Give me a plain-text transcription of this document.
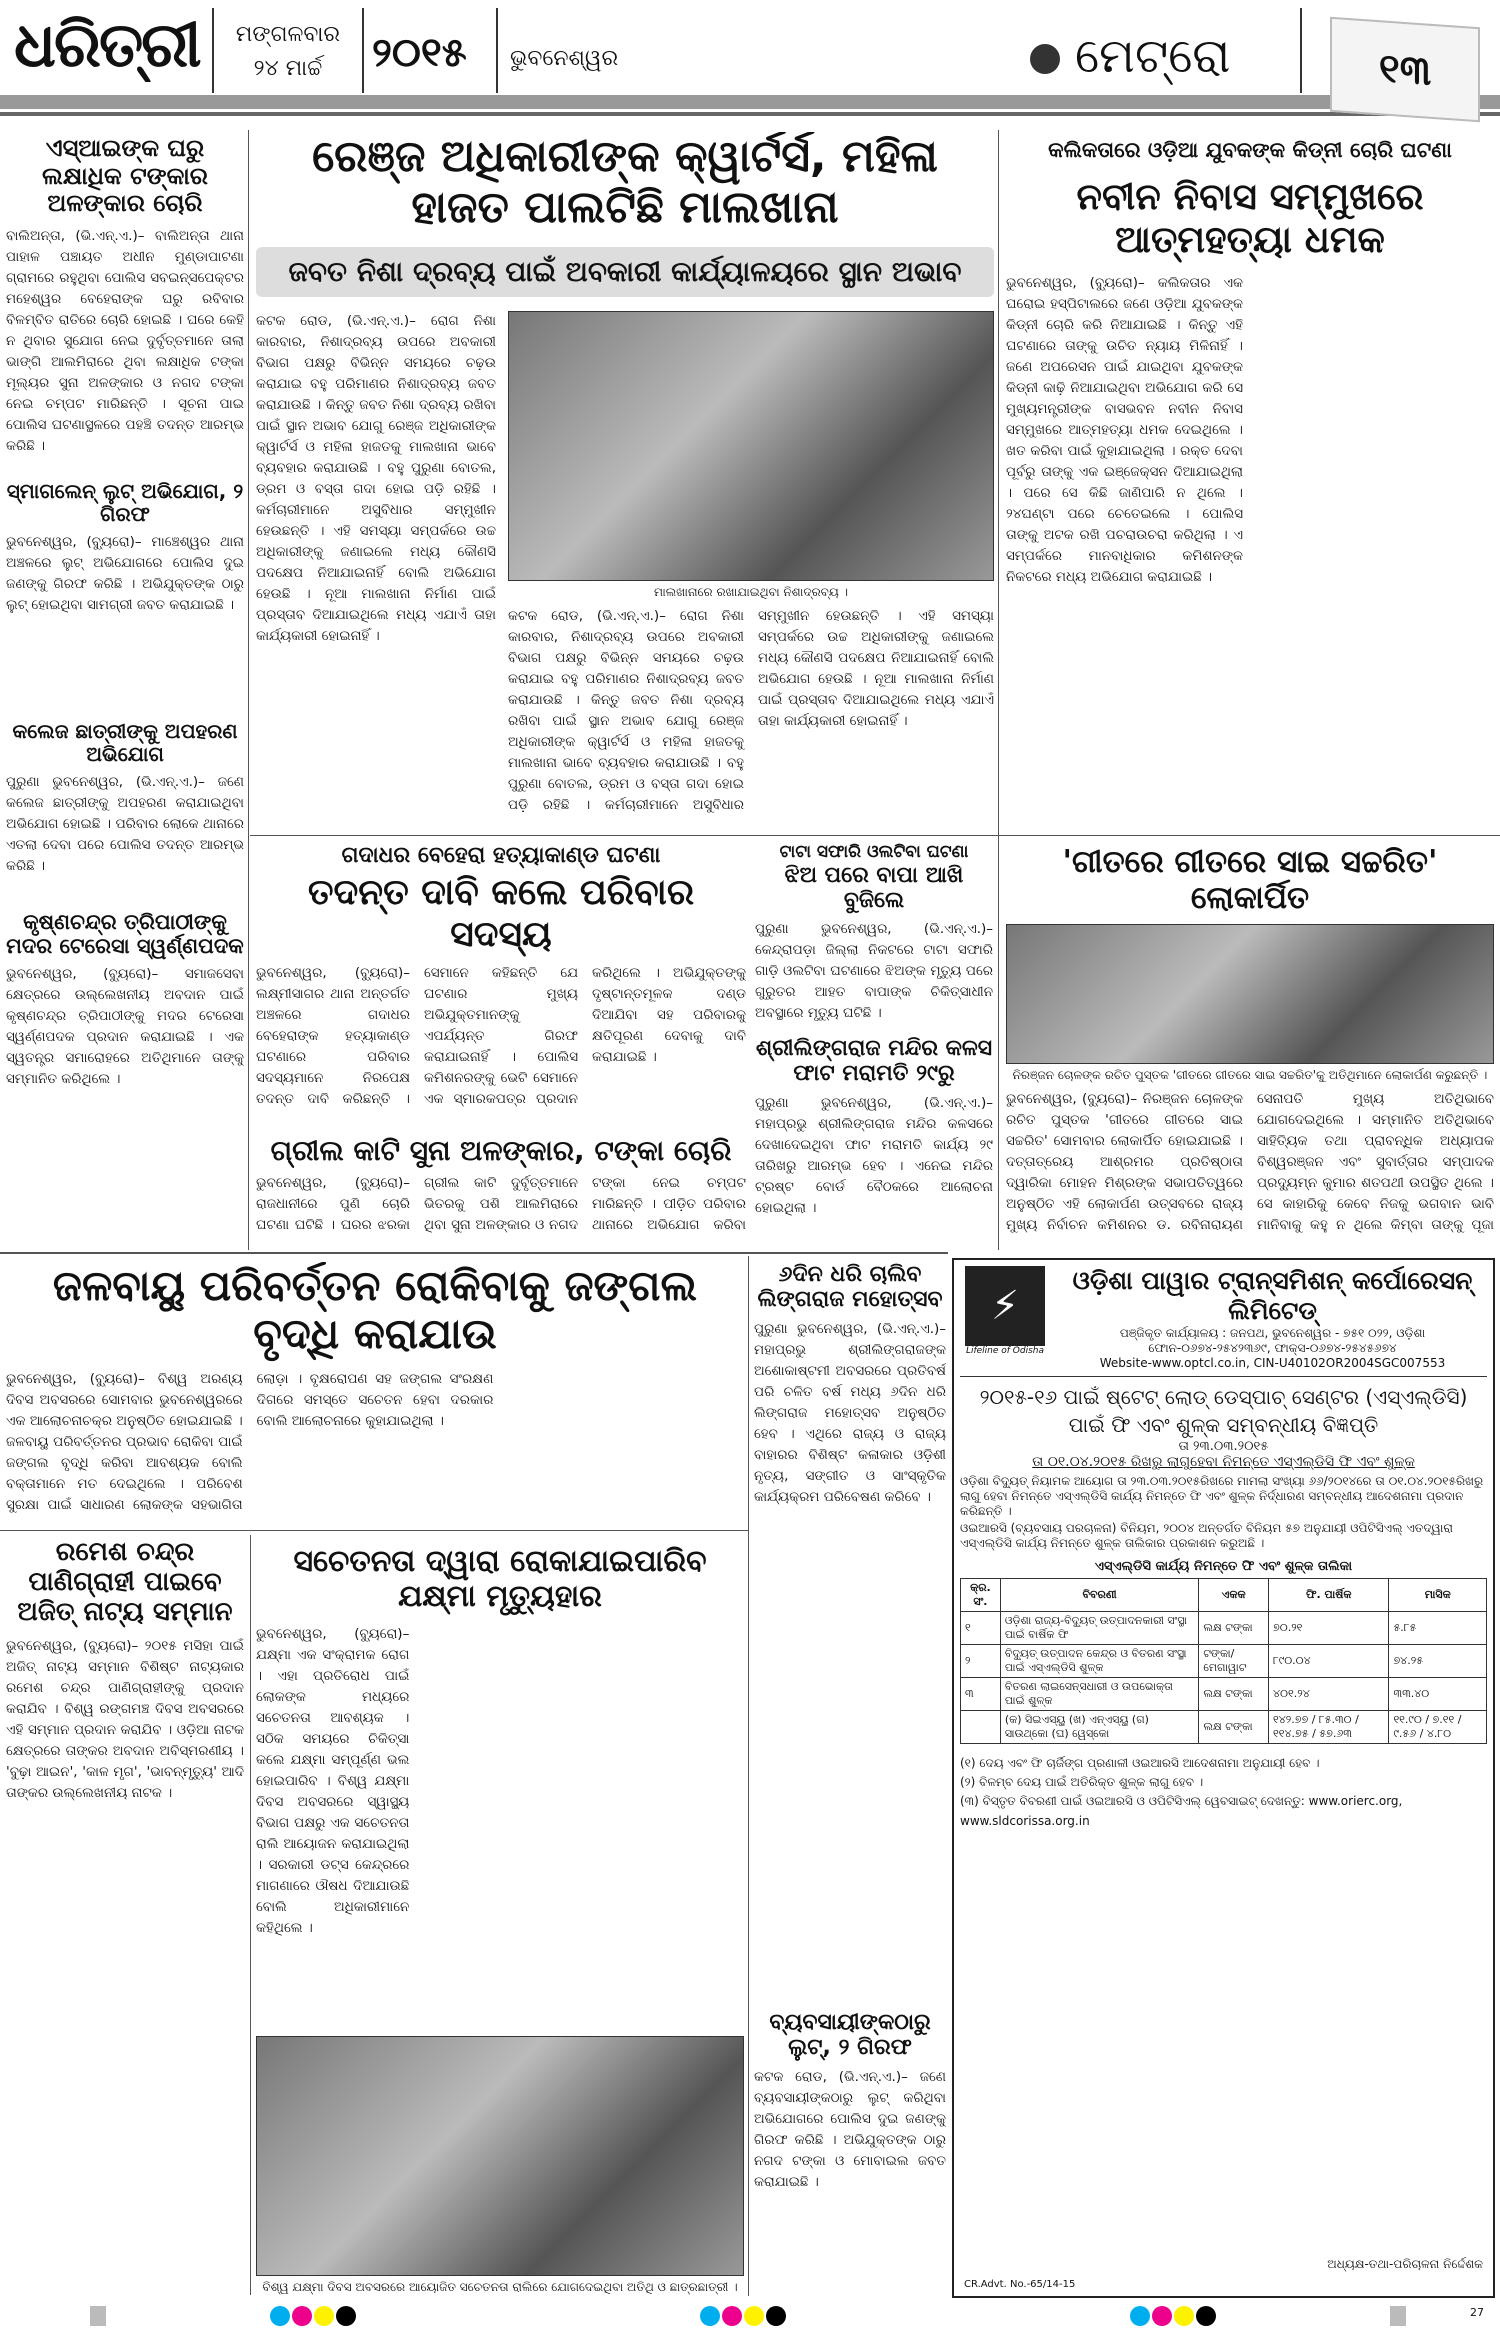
ଧରିତ୍ରୀ	ମଙ୍ଗଳବାର
୨୪ ମାର୍ଚ୍ଚ	୨୦୧୫ ଭୁବନେଶ୍ୱର	ମେଟ୍ରୋ	୧୩
ଏସ୍ଆଇଙ୍କ ଘରୁ ଲକ୍ଷାଧିକ ଟଙ୍କାର ଅଳଙ୍କାର ଚୋରି
ବାଲିଅନ୍ତା, (ଭି.ଏନ୍.ଏ.)– ବାଲିଅନ୍ତା ଥାନା ପାହାଳ ପଞ୍ଚାୟତ ଅଧୀନ ମୁଣ୍ଡାପାଟଣା ଗ୍ରାମରେ ରହୁଥିବା ପୋଲିସ ସବଇନ୍ସପେକ୍ଟର ମହେଶ୍ୱର ବେହେରାଙ୍କ ଘରୁ ରବିବାର ବିଳମ୍ବିତ ରାତିରେ ଚୋରି ହୋଇଛି । ଘରେ କେହି ନ ଥିବାର ସୁଯୋଗ ନେଇ ଦୁର୍ବୃତ୍ତମାନେ ତାଲା ଭାଙ୍ଗି ଆଲମିରାରେ ଥିବା ଲକ୍ଷାଧିକ ଟଙ୍କା ମୂଲ୍ୟର ସୁନା ଅଳଙ୍କାର ଓ ନଗଦ ଟଙ୍କା ନେଇ ଚମ୍ପଟ ମାରିଛନ୍ତି । ସୂଚନା ପାଇ ପୋଲିସ ଘଟଣାସ୍ଥଳରେ ପହଞ୍ଚି ତଦନ୍ତ ଆରମ୍ଭ କରିଛି ।
ସ୍ମାଗଲେନ୍ ଲୁଟ୍ ଅଭିଯୋଗ, ୨ ଗିରଫ
ଭୁବନେଶ୍ୱର, (ବ୍ୟୁରୋ)– ମାଞ୍ଚେଶ୍ୱର ଥାନା ଅଞ୍ଚଳରେ ଲୁଟ୍ ଅଭିଯୋଗରେ ପୋଲିସ ଦୁଇ ଜଣଙ୍କୁ ଗିରଫ କରିଛି । ଅଭିଯୁକ୍ତଙ୍କ ଠାରୁ ଲୁଟ୍ ହୋଇଥିବା ସାମଗ୍ରୀ ଜବତ କରାଯାଇଛି ।
କଲେଜ ଛାତ୍ରୀଙ୍କୁ ଅପହରଣ ଅଭିଯୋଗ
ପୁରୁଣା ଭୁବନେଶ୍ୱର, (ଭି.ଏନ୍.ଏ.)– ଜଣେ କଲେଜ ଛାତ୍ରୀଙ୍କୁ ଅପହରଣ କରାଯାଇଥିବା ଅଭିଯୋଗ ହୋଇଛି । ପରିବାର ଲୋକେ ଥାନାରେ ଏତଲା ଦେବା ପରେ ପୋଲିସ ତଦନ୍ତ ଆରମ୍ଭ କରିଛି ।
କୃଷ୍ଣଚନ୍ଦ୍ର ତ୍ରିପାଠୀଙ୍କୁ ମଦର ଟେରେସା ସ୍ୱର୍ଣ୍ଣପଦକ
ଭୁବନେଶ୍ୱର, (ବ୍ୟୁରୋ)– ସମାଜସେବା କ୍ଷେତ୍ରରେ ଉଲ୍ଲେଖନୀୟ ଅବଦାନ ପାଇଁ କୃଷ୍ଣଚନ୍ଦ୍ର ତ୍ରିପାଠୀଙ୍କୁ ମଦର ଟେରେସା ସ୍ୱର୍ଣ୍ଣପଦକ ପ୍ରଦାନ କରାଯାଇଛି । ଏକ ସ୍ୱତନ୍ତ୍ର ସମାରୋହରେ ଅତିଥିମାନେ ତାଙ୍କୁ ସମ୍ମାନିତ କରିଥିଲେ ।
ରେଞ୍ଜ ଅଧିକାରୀଙ୍କ କ୍ୱାର୍ଟର୍ସ, ମହିଳା ହାଜତ ପାଲଟିଛି ମାଲଖାନା
ଜବତ ନିଶା ଦ୍ରବ୍ୟ ପାଇଁ ଅବକାରୀ କାର୍ଯ୍ୟାଳୟରେ ସ୍ଥାନ ଅଭାବ
କଟକ ରୋଡ, (ଭି.ଏନ୍.ଏ.)– ରୋଗ ନିଶା କାରବାର, ନିଶାଦ୍ରବ୍ୟ ଉପରେ ଅବକାରୀ ବିଭାଗ ପକ୍ଷରୁ ବିଭିନ୍ନ ସମୟରେ ଚଢ଼ଉ କରାଯାଇ ବହୁ ପରିମାଣର ନିଶାଦ୍ରବ୍ୟ ଜବତ କରାଯାଉଛି । କିନ୍ତୁ ଜବତ ନିଶା ଦ୍ରବ୍ୟ ରଖିବା ପାଇଁ ସ୍ଥାନ ଅଭାବ ଯୋଗୁ ରେଞ୍ଜ ଅଧିକାରୀଙ୍କ କ୍ୱାର୍ଟର୍ସ ଓ ମହିଳା ହାଜତକୁ ମାଲଖାନା ଭାବେ ବ୍ୟବହାର କରାଯାଉଛି । ବହୁ ପୁରୁଣା ବୋତଲ, ଡ୍ରମ ଓ ବସ୍ତା ଗଦା ହୋଇ ପଡ଼ି ରହିଛି । କର୍ମଚାରୀମାନେ ଅସୁବିଧାର ସମ୍ମୁଖୀନ ହେଉଛନ୍ତି । ଏହି ସମସ୍ୟା ସମ୍ପର୍କରେ ଉଚ୍ଚ ଅଧିକାରୀଙ୍କୁ ଜଣାଇଲେ ମଧ୍ୟ କୌଣସି ପଦକ୍ଷେପ ନିଆଯାଇନାହିଁ ବୋଲି ଅଭିଯୋଗ ହେଉଛି । ନୂଆ ମାଲଖାନା ନିର୍ମାଣ ପାଇଁ ପ୍ରସ୍ତାବ ଦିଆଯାଇଥିଲେ ମଧ୍ୟ ଏଯାଏଁ ତାହା କାର୍ଯ୍ୟକାରୀ ହୋଇନାହିଁ ।
ମାଲଖାନାରେ ରଖାଯାଇଥିବା ନିଶାଦ୍ରବ୍ୟ ।
କଟକ ରୋଡ, (ଭି.ଏନ୍.ଏ.)– ରୋଗ ନିଶା କାରବାର, ନିଶାଦ୍ରବ୍ୟ ଉପରେ ଅବକାରୀ ବିଭାଗ ପକ୍ଷରୁ ବିଭିନ୍ନ ସମୟରେ ଚଢ଼ଉ କରାଯାଇ ବହୁ ପରିମାଣର ନିଶାଦ୍ରବ୍ୟ ଜବତ କରାଯାଉଛି । କିନ୍ତୁ ଜବତ ନିଶା ଦ୍ରବ୍ୟ ରଖିବା ପାଇଁ ସ୍ଥାନ ଅଭାବ ଯୋଗୁ ରେଞ୍ଜ ଅଧିକାରୀଙ୍କ କ୍ୱାର୍ଟର୍ସ ଓ ମହିଳା ହାଜତକୁ ମାଲଖାନା ଭାବେ ବ୍ୟବହାର କରାଯାଉଛି । ବହୁ ପୁରୁଣା ବୋତଲ, ଡ୍ରମ ଓ ବସ୍ତା ଗଦା ହୋଇ ପଡ଼ି ରହିଛି । କର୍ମଚାରୀମାନେ ଅସୁବିଧାର ସମ୍ମୁଖୀନ ହେଉଛନ୍ତି । ଏହି ସମସ୍ୟା ସମ୍ପର୍କରେ ଉଚ୍ଚ ଅଧିକାରୀଙ୍କୁ ଜଣାଇଲେ ମଧ୍ୟ କୌଣସି ପଦକ୍ଷେପ ନିଆଯାଇନାହିଁ ବୋଲି ଅଭିଯୋଗ ହେଉଛି । ନୂଆ ମାଲଖାନା ନିର୍ମାଣ ପାଇଁ ପ୍ରସ୍ତାବ ଦିଆଯାଇଥିଲେ ମଧ୍ୟ ଏଯାଏଁ ତାହା କାର୍ଯ୍ୟକାରୀ ହୋଇନାହିଁ ।
କଲିକତାରେ ଓଡ଼ିଆ ଯୁବକଙ୍କ କିଡ୍ନୀ ଚୋରି ଘଟଣା
ନବୀନ ନିବାସ ସମ୍ମୁଖରେ ଆତ୍ମହତ୍ୟା ଧମକ
ଭୁବନେଶ୍ୱର, (ବ୍ୟୁରୋ)– କଲିକତାର ଏକ ଘରୋଇ ହସ୍ପିଟାଲରେ ଜଣେ ଓଡ଼ିଆ ଯୁବକଙ୍କ କିଡ୍ନୀ ଚୋରି କରି ନିଆଯାଇଛି । କିନ୍ତୁ ଏହି ଘଟଣାରେ ତାଙ୍କୁ ଉଚିତ ନ୍ୟାୟ ମିଳିନାହିଁ । ଜଣେ ଅପରେସନ ପାଇଁ ଯାଇଥିବା ଯୁବକଙ୍କ କିଡ୍ନୀ କାଢ଼ି ନିଆଯାଇଥିବା ଅଭିଯୋଗ କରି ସେ ମୁଖ୍ୟମନ୍ତ୍ରୀଙ୍କ ବାସଭବନ ନବୀନ ନିବାସ ସମ୍ମୁଖରେ ଆତ୍ମହତ୍ୟା ଧମକ ଦେଇଥିଲେ । ଖତ କରିବା ପାଇଁ କୁହାଯାଇଥିଲା । ରକ୍ତ ଦେବା ପୂର୍ବରୁ ତାଙ୍କୁ ଏକ ଇଞ୍ଜେକ୍ସନ ଦିଆଯାଇଥିଲା । ପରେ ସେ କିଛି ଜାଣିପାରି ନ ଥିଲେ । ୨୪ଘଣ୍ଟା ପରେ ଚେତେଇଲେ । ପୋଲିସ ତାଙ୍କୁ ଅଟକ ରଖି ପଚରାଉଚରା କରିଥିଲା । ଏ ସମ୍ପର୍କରେ ମାନବାଧିକାର କମିଶନଙ୍କ ନିକଟରେ ମଧ୍ୟ ଅଭିଯୋଗ କରାଯାଇଛି ।
ଗଦାଧର ବେହେରା ହତ୍ୟାକାଣ୍ଡ ଘଟଣା
ତଦନ୍ତ ଦାବି କଲେ ପରିବାର ସଦସ୍ୟ
ଭୁବନେଶ୍ୱର, (ବ୍ୟୁରୋ)– ଲକ୍ଷ୍ମୀସାଗର ଥାନା ଅନ୍ତର୍ଗତ ଅଞ୍ଚଳରେ ଗଦାଧର ବେହେରାଙ୍କ ହତ୍ୟାକାଣ୍ଡ ଘଟଣାରେ ପରିବାର ସଦସ୍ୟମାନେ ନିରପେକ୍ଷ ତଦନ୍ତ ଦାବି କରିଛନ୍ତି । ସେମାନେ କହିଛନ୍ତି ଯେ ଘଟଣାର ମୁଖ୍ୟ ଅଭିଯୁକ୍ତମାନଙ୍କୁ ଏପର୍ଯ୍ୟନ୍ତ ଗିରଫ କରାଯାଇନାହିଁ । ପୋଲିସ କମିଶନରଙ୍କୁ ଭେଟି ସେମାନେ ଏକ ସ୍ମାରକପତ୍ର ପ୍ରଦାନ କରିଥିଲେ । ଅଭିଯୁକ୍ତଙ୍କୁ ଦୃଷ୍ଟାନ୍ତମୂଳକ ଦଣ୍ଡ ଦିଆଯିବା ସହ ପରିବାରକୁ କ୍ଷତିପୂରଣ ଦେବାକୁ ଦାବି କରାଯାଇଛି ।
ଟାଟା ସଫାରି ଓଲଟିବା ଘଟଣା
ଝିଅ ପରେ ବାପା ଆଖି ବୁଜିଲେ
ପୁରୁଣା ଭୁବନେଶ୍ୱର, (ଭି.ଏନ୍.ଏ.)– କେନ୍ଦ୍ରାପଡ଼ା ଜିଲ୍ଲା ନିକଟରେ ଟାଟା ସଫାରି ଗାଡ଼ି ଓଲଟିବା ଘଟଣାରେ ଝିଅଙ୍କ ମୃତ୍ୟୁ ପରେ ଗୁରୁତର ଆହତ ବାପାଙ୍କ ଚିକିତ୍ସାଧୀନ ଅବସ୍ଥାରେ ମୃତ୍ୟୁ ଘଟିଛି ।
ଶ୍ରୀଲିଙ୍ଗରାଜ ମନ୍ଦିର କଳସ ଫାଟ ମରାମତି ୨୯ରୁ
ପୁରୁଣା ଭୁବନେଶ୍ୱର, (ଭି.ଏନ୍.ଏ.)– ମହାପ୍ରଭୁ ଶ୍ରୀଲିଙ୍ଗରାଜ ମନ୍ଦିର କଳସରେ ଦେଖାଦେଇଥିବା ଫାଟ ମରାମତି କାର୍ଯ୍ୟ ୨୯ ତାରିଖରୁ ଆରମ୍ଭ ହେବ । ଏନେଇ ମନ୍ଦିର ଟ୍ରଷ୍ଟ ବୋର୍ଡ ବୈଠକରେ ଆଲୋଚନା ହୋଇଥିଲା ।
'ଗୀତରେ ଗୀତରେ ସାଇ ସଚ୍ଚରିତ' ଲୋକାର୍ପିତ
ନିରଞ୍ଜନ ଚୋଳଙ୍କ ରଚିତ ପୁସ୍ତକ 'ଗୀତରେ ଗୀତରେ ସାଇ ସଚ୍ଚରିତ'କୁ ଅତିଥିମାନେ ଲୋକାର୍ପଣ କରୁଛନ୍ତି ।
ଭୁବନେଶ୍ୱର, (ବ୍ୟୁରୋ)– ନିରଞ୍ଜନ ଚୋଳଙ୍କ ରଚିତ ପୁସ୍ତକ 'ଗୀତରେ ଗୀତରେ ସାଇ ସଚ୍ଚରିତ' ସୋମବାର ଲୋକାର୍ପିତ ହୋଇଯାଇଛି । ଦତ୍ତାତ୍ରେୟ ଆଶ୍ରମର ପ୍ରତିଷ୍ଠାତା ଦ୍ୱାରିକା ମୋହନ ମିଶ୍ରଙ୍କ ସଭାପତିତ୍ୱରେ ଅନୁଷ୍ଠିତ ଏହି ଲୋକାର୍ପଣ ଉତ୍ସବରେ ରାଜ୍ୟ ମୁଖ୍ୟ ନିର୍ବାଚନ କମିଶନର ଡ. ରବିନାରାୟଣ ସେନାପତି ମୁଖ୍ୟ ଅତିଥିଭାବେ ଯୋଗଦେଇଥିଲେ । ସମ୍ମାନିତ ଅତିଥିଭାବେ ସାହିତ୍ୟିକ ତଥା ପ୍ରାବନ୍ଧିକ ଅଧ୍ୟାପକ ବିଶ୍ୱରଞ୍ଜନ ଏବଂ ସୁବାର୍ତ୍ତାର ସମ୍ପାଦକ ପ୍ରଦ୍ୟୁମ୍ନ କୁମାର ଶତପଥୀ ଉପସ୍ଥିତ ଥିଲେ । ସେ କାହାରିକୁ କେବେ ନିଜକୁ ଭଗବାନ ଭାବି ମାନିବାକୁ କହୁ ନ ଥିଲେ କିମ୍ବା ତାଙ୍କୁ ପୂଜା
ଗ୍ରୀଲ କାଟି ସୁନା ଅଳଙ୍କାର, ଟଙ୍କା ଚୋରି
ଭୁବନେଶ୍ୱର, (ବ୍ୟୁରୋ)– ରାଜଧାନୀରେ ପୁଣି ଚୋରି ଘଟଣା ଘଟିଛି । ଘରର ଝରକା ଗ୍ରୀଲ କାଟି ଦୁର୍ବୃତ୍ତମାନେ ଭିତରକୁ ପଶି ଆଲମିରାରେ ଥିବା ସୁନା ଅଳଙ୍କାର ଓ ନଗଦ ଟଙ୍କା ନେଇ ଚମ୍ପଟ ମାରିଛନ୍ତି । ପୀଡ଼ିତ ପରିବାର ଥାନାରେ ଅଭିଯୋଗ କରିବା
ଜଳବାୟୁ ପରିବର୍ତ୍ତନ ରୋକିବାକୁ ଜଙ୍ଗଲ ବୃଦ୍ଧି କରାଯାଉ
ଭୁବନେଶ୍ୱର, (ବ୍ୟୁରୋ)– ବିଶ୍ୱ ଅରଣ୍ୟ ଦିବସ ଅବସରରେ ସୋମବାର ଭୁବନେଶ୍ୱରରେ ଏକ ଆଲୋଚନାଚକ୍ର ଅନୁଷ୍ଠିତ ହୋଇଯାଇଛି । ଜଳବାୟୁ ପରିବର୍ତ୍ତନର ପ୍ରଭାବ ରୋକିବା ପାଇଁ ଜଙ୍ଗଲ ବୃଦ୍ଧି କରିବା ଆବଶ୍ୟକ ବୋଲି ବକ୍ତାମାନେ ମତ ଦେଇଥିଲେ । ପରିବେଶ ସୁରକ୍ଷା ପାଇଁ ସାଧାରଣ ଲୋକଙ୍କ ସହଭାଗିତା ଲୋଡ଼ା । ବୃକ୍ଷରୋପଣ ସହ ଜଙ୍ଗଲ ସଂରକ୍ଷଣ ଦିଗରେ ସମସ୍ତେ ସଚେତନ ହେବା ଦରକାର ବୋଲି ଆଲୋଚନାରେ କୁହାଯାଇଥିଲା ।
୬ଦିନ ଧରି ଚାଲିବ ଲିଙ୍ଗରାଜ ମହୋତ୍ସବ
ପୁରୁଣା ଭୁବନେଶ୍ୱର, (ଭି.ଏନ୍.ଏ.)– ମହାପ୍ରଭୁ ଶ୍ରୀଲିଙ୍ଗରାଜଙ୍କ ଅଶୋକାଷ୍ଟମୀ ଅବସରରେ ପ୍ରତିବର୍ଷ ପରି ଚଳିତ ବର୍ଷ ମଧ୍ୟ ୬ଦିନ ଧରି ଲିଙ୍ଗରାଜ ମହୋତ୍ସବ ଅନୁଷ୍ଠିତ ହେବ । ଏଥିରେ ରାଜ୍ୟ ଓ ରାଜ୍ୟ ବାହାରର ବିଶିଷ୍ଟ କଳାକାର ଓଡ଼ିଶୀ ନୃତ୍ୟ, ସଙ୍ଗୀତ ଓ ସାଂସ୍କୃତିକ କାର୍ଯ୍ୟକ୍ରମ ପରିବେଷଣ କରିବେ ।
ବ୍ୟବସାୟୀଙ୍କଠାରୁ ଲୁଟ୍, ୨ ଗିରଫ
କଟକ ରୋଡ, (ଭି.ଏନ୍.ଏ.)– ଜଣେ ବ୍ୟବସାୟୀଙ୍କଠାରୁ ଲୁଟ୍ କରିଥିବା ଅଭିଯୋଗରେ ପୋଲିସ ଦୁଇ ଜଣଙ୍କୁ ଗିରଫ କରିଛି । ଅଭିଯୁକ୍ତଙ୍କ ଠାରୁ ନଗଦ ଟଙ୍କା ଓ ମୋବାଇଲ ଜବତ କରାଯାଇଛି ।
ରମେଶ ଚନ୍ଦ୍ର ପାଣିଗ୍ରାହୀ ପାଇବେ ଅଜିତ୍ ନାଟ୍ୟ ସମ୍ମାନ
ଭୁବନେଶ୍ୱର, (ବ୍ୟୁରୋ)– ୨୦୧୫ ମସିହା ପାଇଁ ଅଜିତ୍ ନାଟ୍ୟ ସମ୍ମାନ ବିଶିଷ୍ଟ ନାଟ୍ୟକାର ରମେଶ ଚନ୍ଦ୍ର ପାଣିଗ୍ରାହୀଙ୍କୁ ପ୍ରଦାନ କରାଯିବ । ବିଶ୍ୱ ରଙ୍ଗମଞ୍ଚ ଦିବସ ଅବସରରେ ଏହି ସମ୍ମାନ ପ୍ରଦାନ କରାଯିବ । ଓଡ଼ିଆ ନାଟକ କ୍ଷେତ୍ରରେ ତାଙ୍କର ଅବଦାନ ଅବିସ୍ମରଣୀୟ । 'ବୁଢ଼ା ଆଇନ', 'କାଳ ମୃଗ', 'ଭାବନ୍ମୃତ୍ୟୁ' ଆଦି ତାଙ୍କର ଉଲ୍ଲେଖନୀୟ ନାଟକ ।
ସଚେତନତା ଦ୍ୱାରା ରୋକାଯାଇପାରିବ ଯକ୍ଷ୍ମା ମୃତ୍ୟୁହାର
ଭୁବନେଶ୍ୱର, (ବ୍ୟୁରୋ)– ଯକ୍ଷ୍ମା ଏକ ସଂକ୍ରାମକ ରୋଗ । ଏହା ପ୍ରତିରୋଧ ପାଇଁ ଲୋକଙ୍କ ମଧ୍ୟରେ ସଚେତନତା ଆବଶ୍ୟକ । ସଠିକ ସମୟରେ ଚିକିତ୍ସା କଲେ ଯକ୍ଷ୍ମା ସମ୍ପୂର୍ଣ୍ଣ ଭଲ ହୋଇପାରିବ । ବିଶ୍ୱ ଯକ୍ଷ୍ମା ଦିବସ ଅବସରରେ ସ୍ୱାସ୍ଥ୍ୟ ବିଭାଗ ପକ୍ଷରୁ ଏକ ସଚେତନତା ରାଲି ଆୟୋଜନ କରାଯାଇଥିଲା । ସରକାରୀ ଡଟ୍ସ କେନ୍ଦ୍ରରେ ମାଗଣାରେ ଔଷଧ ଦିଆଯାଉଛି ବୋଲି ଅଧିକାରୀମାନେ କହିଥିଲେ ।
ବିଶ୍ୱ ଯକ୍ଷ୍ମା ଦିବସ ଅବସରରେ ଆୟୋଜିତ ସଚେତନତା ରାଲିରେ ଯୋଗଦେଇଥିବା ଅତିଥି ଓ ଛାତ୍ରଛାତ୍ରୀ ।
⚡
Lifeline of Odisha
ଓଡ଼ିଶା ପାୱାର ଟ୍ରାନ୍ସମିଶନ୍ କର୍ପୋରେସନ୍ ଲିମିଟେଡ୍
ପଞ୍ଜିକୃତ କାର୍ଯ୍ୟାଳୟ : ଜନପଥ, ଭୁବନେଶ୍ୱର - ୭୫୧ ୦୨୨, ଓଡ଼ିଶା
ଫୋନ-୦୬୭୪-୨୫୪୨୩୬୯, ଫାକ୍ସ-୦୬୭୪-୨୫୪୫୬୭୪
Website-www.optcl.co.in, CIN-U40102OR2004SGC007553
୨୦୧୫-୧୬ ପାଇଁ ଷ୍ଟେଟ୍ ଲୋଡ୍ ଡେସ୍‌ପାଚ୍ ସେଣ୍ଟର (ଏସ୍‌ଏଲ୍‌ଡିସି) ପାଇଁ ଫି ଏବଂ ଶୁଳ୍କ ସମ୍ବନ୍ଧୀୟ ବିଜ୍ଞପ୍ତି
ତା ୨୩.୦୩.୨୦୧୫
ତା ୦୧.୦୪.୨୦୧୫ ରିଖରୁ ଲାଗୁହେବା ନିମନ୍ତେ ଏସ୍‌ଏଲ୍‌ଡିସି ଫି ଏବଂ ଶୁଳ୍କ
ଓଡ଼ିଶା ବିଦ୍ୟୁତ୍ ନିୟାମକ ଆୟୋଗ ତା ୨୩.୦୩.୨୦୧୫ରିଖରେ ମାମଲା ସଂଖ୍ୟା ୬୬/୨୦୧୪ରେ ତା ୦୧.୦୪.୨୦୧୫ରିଖରୁ ଲାଗୁ ହେବା ନିମନ୍ତେ ଏସ୍‌ଏଲ୍‌ଡିସି କାର୍ଯ୍ୟ ନିମନ୍ତେ ଫି ଏବଂ ଶୁଳ୍କ ନିର୍ଦ୍ଧାରଣ ସମ୍ବନ୍ଧୀୟ ଆଦେଶନାମା ପ୍ରଦାନ କରିଛନ୍ତି ।
ଓଇଆରସି (ବ୍ୟବସାୟ ପରଚାଳନା) ବିନିୟମ, ୨୦୦୪ ଅନ୍ତର୍ଗତ ବିନିୟମ ୫୭ ଅନୁଯାୟୀ ଓପିଟିସିଏଲ୍ ଏତଦ୍ୱାରା ଏସ୍‌ଏଲ୍‌ଡିସି କାର୍ଯ୍ୟ ନିମନ୍ତେ ଶୁଳ୍କ ତାଲିକାର ପ୍ରକାଶନ କରୁଅଛି ।
ଏସ୍‌ଏଲ୍‌ଡିସି କାର୍ଯ୍ୟ ନିମନ୍ତେ ଫି ଏବଂ ଶୁଳ୍କ ତାଲିକା
କ୍ର. ସଂ.	ବିବରଣୀ	ଏକକ	ଫି. ପାର୍ଷିକ	ମାସିକ
୧	ଓଡ଼ିଶା ରାଜ୍ୟ-ବିଦ୍ୟୁତ୍ ଉତ୍ପାଦନକାରୀ ସଂସ୍ଥା ପାଇଁ ବାର୍ଷିକ ଫି	ଲକ୍ଷ ଟଙ୍କା	୭୦.୨୧	୫.୮୫
୨	ବିଦ୍ୟୁତ୍ ଉତ୍ପାଦନ କେନ୍ଦ୍ର ଓ ବିତରଣ ସଂସ୍ଥା ପାଇଁ ଏସ୍‌ଏଲ୍‌ଡିସି ଶୁଳ୍କ	ଟଙ୍କା/ମେଗାୱାଟ	୮୯୦.୦୪	୭୪.୨୫
୩	ବିତରଣ ଲାଇସେନ୍ସଧାରୀ ଓ ଉପଭୋକ୍ତା ପାଇଁ ଶୁଳ୍କ	ଲକ୍ଷ ଟଙ୍କା	୪୦୧.୨୪	୩୩.୪୦
	(କ) ସିଇଏସ୍‌ୟୁ (ଖ) ଏନ୍‌ଏସ୍‌ୟୁ (ଗ) ସାଉଥ୍‌କୋ (ଘ) ୱେସ୍କୋ	ଲକ୍ଷ ଟଙ୍କା	୧୪୨.୭୭ / ୮୫.୩୦ / ୧୧୪.୭୫ / ୫୭.୬୩	୧୧.୯୦ / ୭.୧୧ / ୯.୫୬ / ୪.୮୦
(୧) ଦେୟ ଏବଂ ଫି ଚାର୍ଜିଙ୍ଗ ପ୍ରଣାଳୀ ଓଇଆରସି ଆଦେଶନାମା ଅନୁଯାୟୀ ହେବ ।
(୨) ବିଳମ୍ବ ଦେୟ ପାଇଁ ଅତିରିକ୍ତ ଶୁଳ୍କ ଲାଗୁ ହେବ ।
(୩) ବିସ୍ତୃତ ବିବରଣୀ ପାଇଁ ଓଇଆରସି ଓ ଓପିଟିସିଏଲ୍ ୱେବସାଇଟ୍ ଦେଖନ୍ତୁ: www.orierc.org, www.sldcorissa.org.in
ଅଧ୍ୟକ୍ଷ-ତଥା-ପରିଚାଳନା ନିର୍ଦ୍ଦେଶକ
CR.Advt. No.-65/14-15
27
